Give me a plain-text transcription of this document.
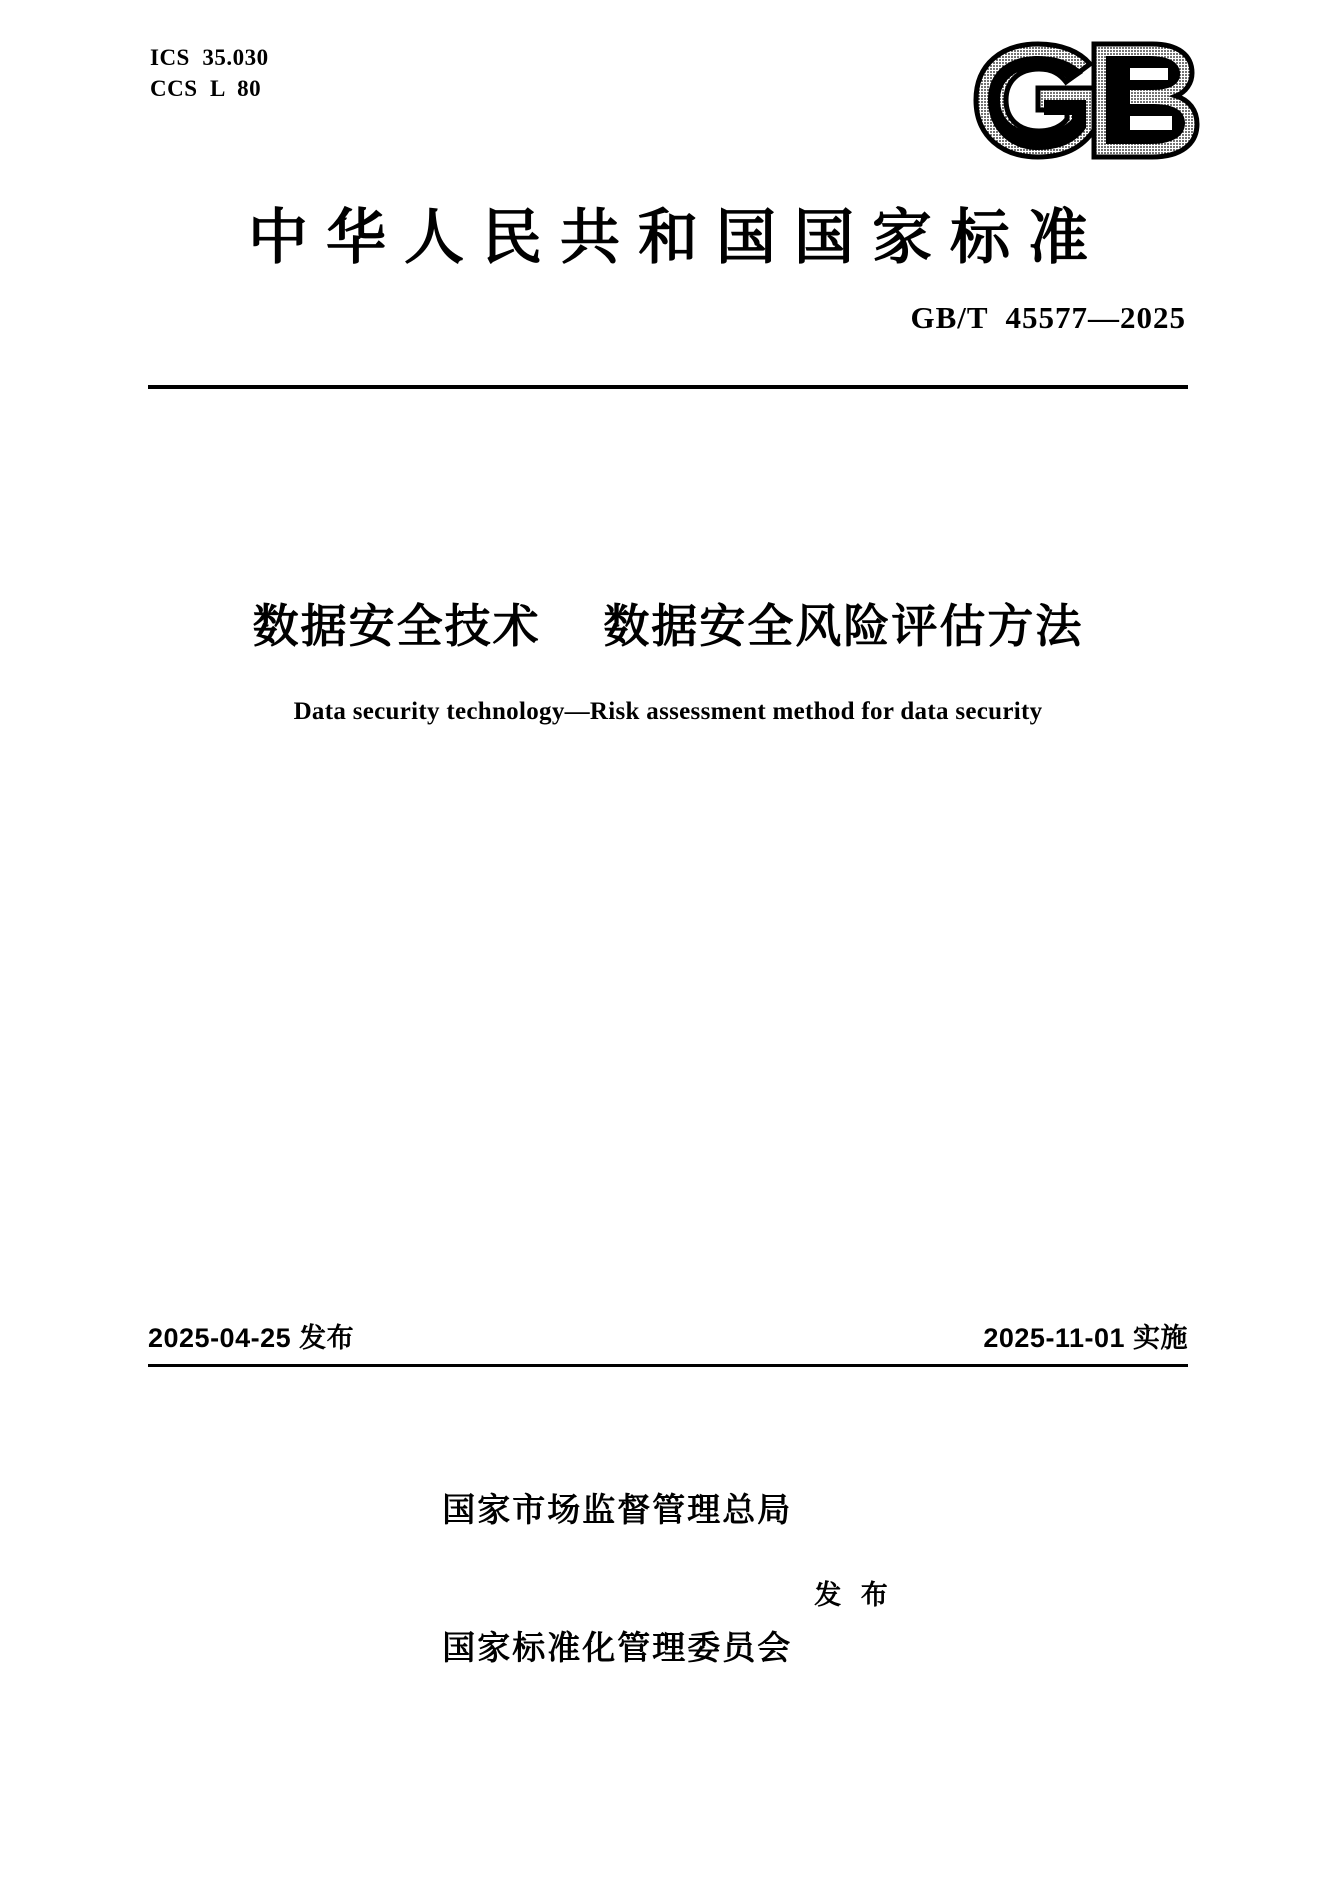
ICS  35.030
CCS  L  80
中华人民共和国国家标准
GB/T  45577—2025
数据安全技术　 数据安全风险评估方法
Data security technology—Risk assessment method for data security
2025-04-25 发布	2025-11-01 实施

国家市场监督管理总局

国家标准化管理委员会

发 布
